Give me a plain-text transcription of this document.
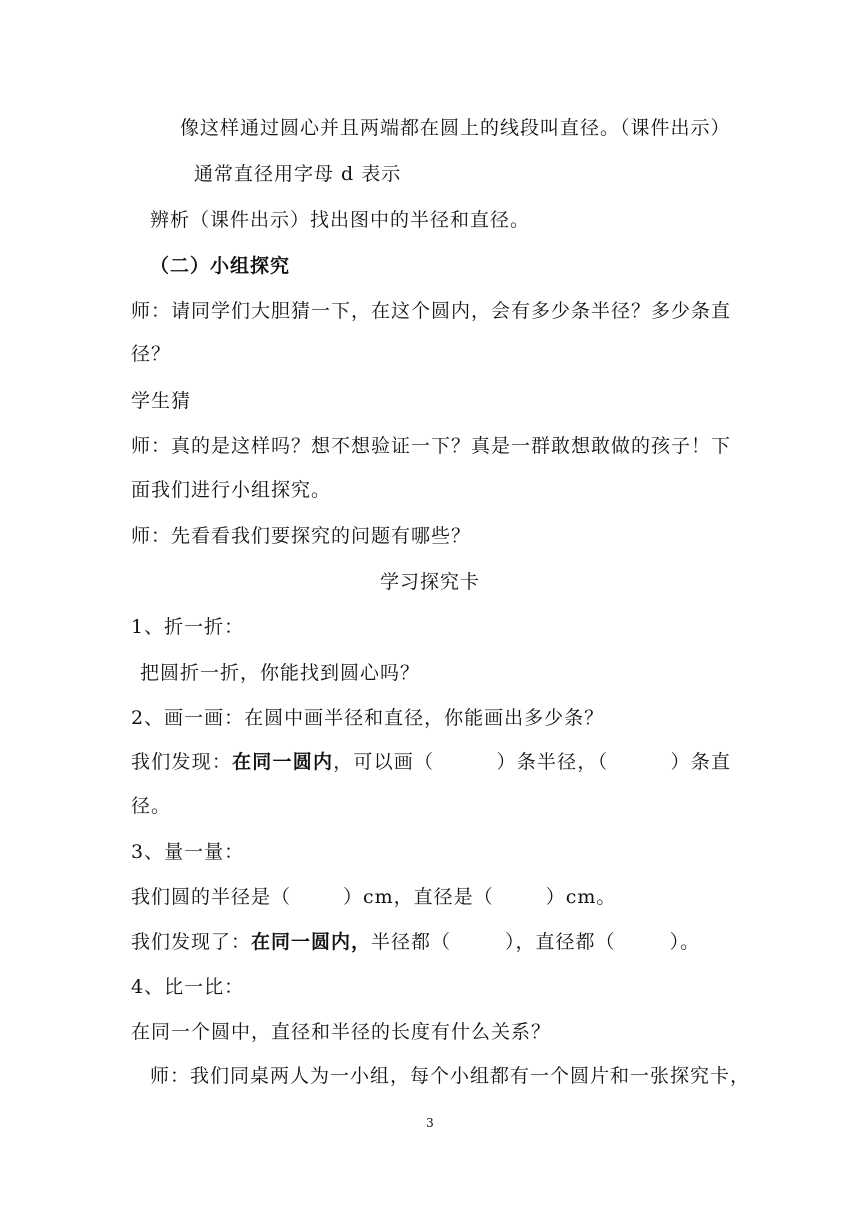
像这样通过圆心并且两端都在圆上的线段叫直径。（课件出示）
通常直径用字母 d 表示
辨析（课件出示）找出图中的半径和直径。
（二）小组探究
师：请同学们大胆猜一下，在这个圆内，会有多少条半径？多少条直
径？
学生猜
师：真的是这样吗？想不想验证一下？真是一群敢想敢做的孩子！下
面我们进行小组探究。
师：先看看我们要探究的问题有哪些？
学习探究卡
1、折一折：
把圆折一折，你能找到圆心吗？
2、画一画：在圆中画半径和直径，你能画出多少条？
我们发现：在同一圆内，可以画（	）条半径，（	）条直
径。
3、量一量：
我们圆的半径是（	）cm，直径是（	）cm。
我们发现了：在同一圆内，半径都（	），直径都（	）。
4、比一比：
在同一个圆中，直径和半径的长度有什么关系？
师：我们同桌两人为一小组，每个小组都有一个圆片和一张探究卡，
3
